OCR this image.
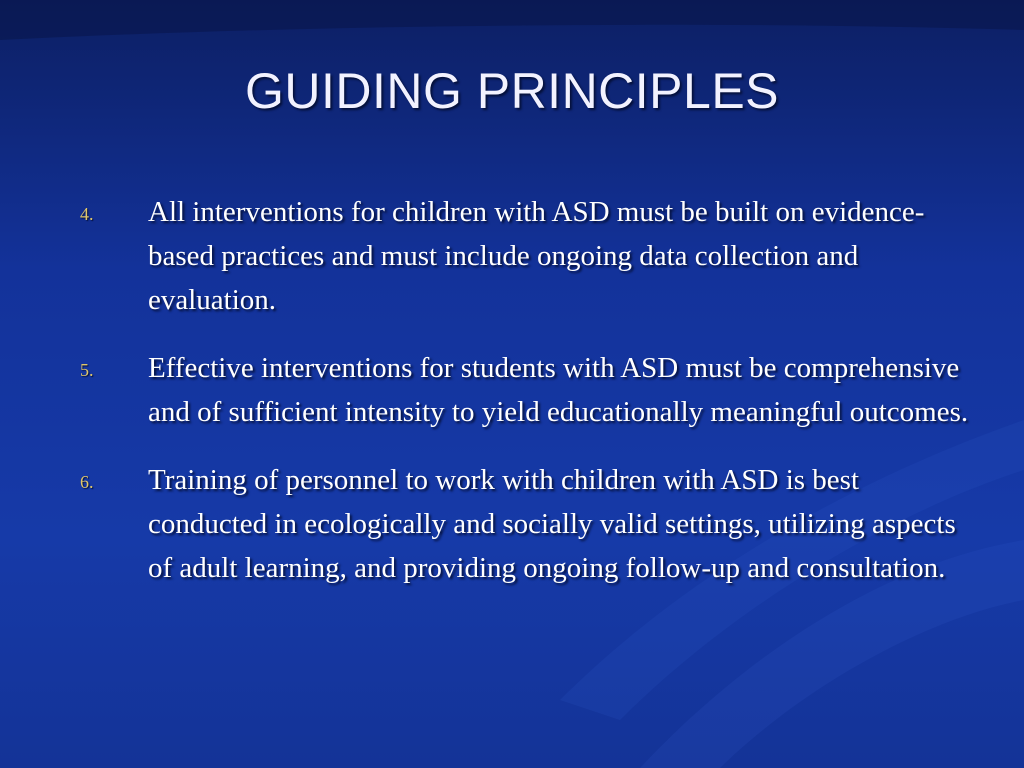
GUIDING PRINCIPLES
4. All interventions for children with ASD must be built on evidence-based practices and must include ongoing data collection and evaluation.
5. Effective interventions for students with ASD must be comprehensive and of sufficient intensity to yield educationally meaningful outcomes.
6. Training of personnel to work with children with ASD is best conducted in ecologically and socially valid settings, utilizing aspects of adult learning, and providing ongoing follow-up and consultation.
